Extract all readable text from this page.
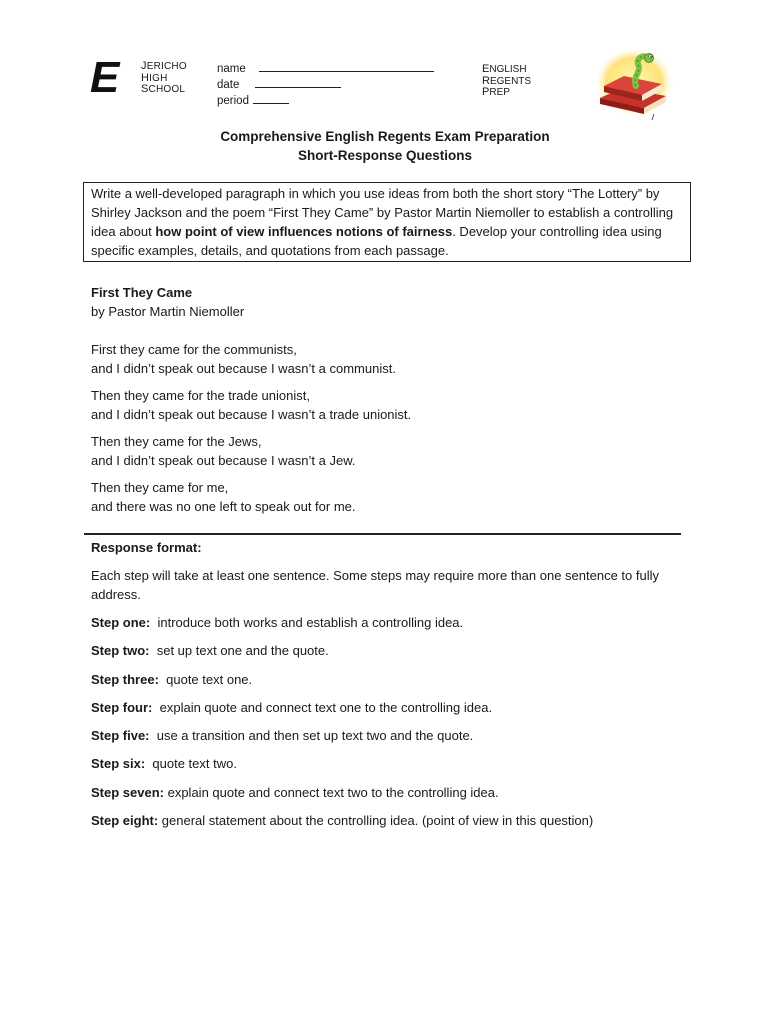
E JERICHO
HIGH
SCHOOL
name
date
period
ENGLISH
REGENTS
PREP
Comprehensive English Regents Exam Preparation
Short-Response Questions
Write a well-developed paragraph in which you use ideas from both the short story “The Lottery” by Shirley Jackson and the poem “First They Came” by Pastor Martin Niemoller to establish a controlling idea about how point of view influences notions of fairness. Develop your controlling idea using specific examples, details, and quotations from each passage.
First They Came
by Pastor Martin Niemoller
First they came for the communists,
and I didn’t speak out because I wasn’t a communist.
Then they came for the trade unionist,
and I didn’t speak out because I wasn’t a trade unionist.
Then they came for the Jews,
and I didn’t speak out because I wasn’t a Jew.
Then they came for me,
and there was no one left to speak out for me.
Response format:
Each step will take at least one sentence. Some steps may require more than one sentence to fully address.
Step one:  introduce both works and establish a controlling idea.
Step two:  set up text one and the quote.
Step three:  quote text one.
Step four:  explain quote and connect text one to the controlling idea.
Step five:  use a transition and then set up text two and the quote.
Step six:  quote text two.
Step seven: explain quote and connect text two to the controlling idea.
Step eight: general statement about the controlling idea. (point of view in this question)
